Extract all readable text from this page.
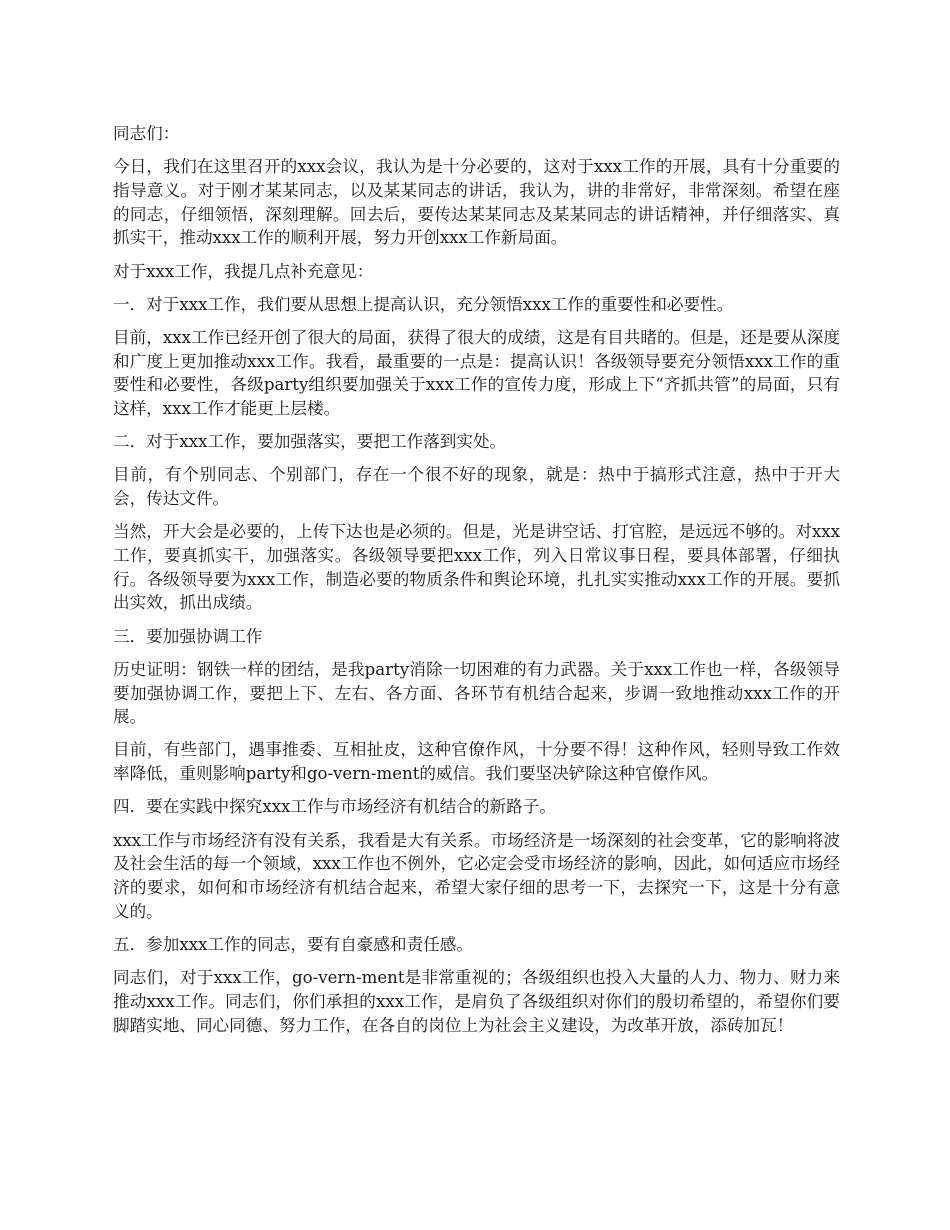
同志们：

今日，我们在这里召开的xxx会议，我认为是十分必要的，这对于xxx工作的开展，具有十分重要的指导意义。对于刚才某某同志，以及某某同志的讲话，我认为，讲的非常好，非常深刻。希望在座的同志，仔细领悟，深刻理解。回去后，要传达某某同志及某某同志的讲话精神，并仔细落实、真抓实干，推动xxx工作的顺利开展，努力开创xxx工作新局面。

对于xxx工作，我提几点补充意见：

一．对于xxx工作，我们要从思想上提高认识，充分领悟xxx工作的重要性和必要性。

目前，xxx工作已经开创了很大的局面，获得了很大的成绩，这是有目共睹的。但是，还是要从深度和广度上更加推动xxx工作。我看，最重要的一点是：提高认识！各级领导要充分领悟xxx工作的重要性和必要性，各级party组织要加强关于xxx工作的宣传力度，形成上下“齐抓共管”的局面，只有这样，xxx工作才能更上层楼。

二．对于xxx工作，要加强落实，要把工作落到实处。

目前，有个别同志、个别部门，存在一个很不好的现象，就是：热中于搞形式注意，热中于开大会，传达文件。

当然，开大会是必要的，上传下达也是必须的。但是，光是讲空话、打官腔，是远远不够的。对xxx工作，要真抓实干，加强落实。各级领导要把xxx工作，列入日常议事日程，要具体部署，仔细执行。各级领导要为xxx工作，制造必要的物质条件和舆论环境，扎扎实实推动xxx工作的开展。要抓出实效，抓出成绩。

三．要加强协调工作

历史证明：钢铁一样的团结，是我party消除一切困难的有力武器。关于xxx工作也一样，各级领导要加强协调工作，要把上下、左右、各方面、各环节有机结合起来，步调一致地推动xxx工作的开展。

目前，有些部门，遇事推委、互相扯皮，这种官僚作风，十分要不得！这种作风，轻则导致工作效率降低，重则影响party和go-vern-ment的威信。我们要坚决铲除这种官僚作风。

四．要在实践中探究xxx工作与市场经济有机结合的新路子。

xxx工作与市场经济有没有关系，我看是大有关系。市场经济是一场深刻的社会变革，它的影响将波及社会生活的每一个领域，xxx工作也不例外，它必定会受市场经济的影响，因此，如何适应市场经济的要求，如何和市场经济有机结合起来，希望大家仔细的思考一下，去探究一下，这是十分有意义的。

五．参加xxx工作的同志，要有自豪感和责任感。

同志们，对于xxx工作，go-vern-ment是非常重视的；各级组织也投入大量的人力、物力、财力来推动xxx工作。同志们，你们承担的xxx工作，是肩负了各级组织对你们的殷切希望的，希望你们要脚踏实地、同心同德、努力工作，在各自的岗位上为社会主义建设，为改革开放，添砖加瓦！
